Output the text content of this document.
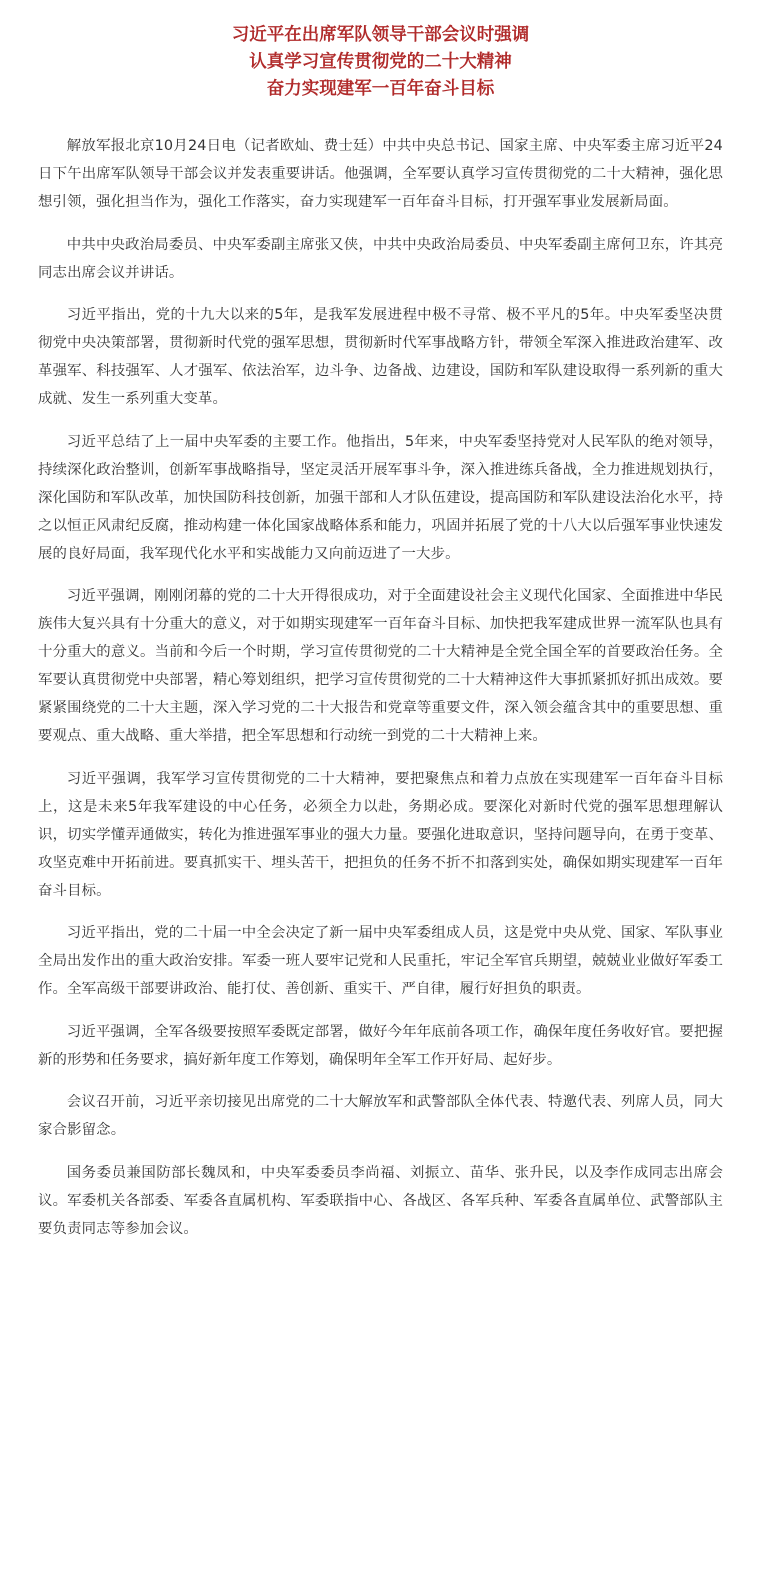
习近平在出席军队领导干部会议时强调
认真学习宣传贯彻党的二十大精神
奋力实现建军一百年奋斗目标

解放军报北京10月24日电（记者欧灿、费士廷）中共中央总书记、国家主席、中央军委主席习近平24日下午出席军队领导干部会议并发表重要讲话。他强调，全军要认真学习宣传贯彻党的二十大精神，强化思想引领，强化担当作为，强化工作落实，奋力实现建军一百年奋斗目标，打开强军事业发展新局面。

中共中央政治局委员、中央军委副主席张又侠，中共中央政治局委员、中央军委副主席何卫东，许其亮同志出席会议并讲话。

习近平指出，党的十九大以来的5年，是我军发展进程中极不寻常、极不平凡的5年。中央军委坚决贯彻党中央决策部署，贯彻新时代党的强军思想，贯彻新时代军事战略方针，带领全军深入推进政治建军、改革强军、科技强军、人才强军、依法治军，边斗争、边备战、边建设，国防和军队建设取得一系列新的重大成就、发生一系列重大变革。

习近平总结了上一届中央军委的主要工作。他指出，5年来，中央军委坚持党对人民军队的绝对领导，持续深化政治整训，创新军事战略指导，坚定灵活开展军事斗争，深入推进练兵备战，全力推进规划执行，深化国防和军队改革，加快国防科技创新，加强干部和人才队伍建设，提高国防和军队建设法治化水平，持之以恒正风肃纪反腐，推动构建一体化国家战略体系和能力，巩固并拓展了党的十八大以后强军事业快速发展的良好局面，我军现代化水平和实战能力又向前迈进了一大步。

习近平强调，刚刚闭幕的党的二十大开得很成功，对于全面建设社会主义现代化国家、全面推进中华民族伟大复兴具有十分重大的意义，对于如期实现建军一百年奋斗目标、加快把我军建成世界一流军队也具有十分重大的意义。当前和今后一个时期，学习宣传贯彻党的二十大精神是全党全国全军的首要政治任务。全军要认真贯彻党中央部署，精心筹划组织，把学习宣传贯彻党的二十大精神这件大事抓紧抓好抓出成效。要紧紧围绕党的二十大主题，深入学习党的二十大报告和党章等重要文件，深入领会蕴含其中的重要思想、重要观点、重大战略、重大举措，把全军思想和行动统一到党的二十大精神上来。

习近平强调，我军学习宣传贯彻党的二十大精神，要把聚焦点和着力点放在实现建军一百年奋斗目标上，这是未来5年我军建设的中心任务，必须全力以赴，务期必成。要深化对新时代党的强军思想理解认识，切实学懂弄通做实，转化为推进强军事业的强大力量。要强化进取意识，坚持问题导向，在勇于变革、攻坚克难中开拓前进。要真抓实干、埋头苦干，把担负的任务不折不扣落到实处，确保如期实现建军一百年奋斗目标。

习近平指出，党的二十届一中全会决定了新一届中央军委组成人员，这是党中央从党、国家、军队事业全局出发作出的重大政治安排。军委一班人要牢记党和人民重托，牢记全军官兵期望，兢兢业业做好军委工作。全军高级干部要讲政治、能打仗、善创新、重实干、严自律，履行好担负的职责。

习近平强调，全军各级要按照军委既定部署，做好今年年底前各项工作，确保年度任务收好官。要把握新的形势和任务要求，搞好新年度工作筹划，确保明年全军工作开好局、起好步。

会议召开前，习近平亲切接见出席党的二十大解放军和武警部队全体代表、特邀代表、列席人员，同大家合影留念。

国务委员兼国防部长魏凤和，中央军委委员李尚福、刘振立、苗华、张升民，以及李作成同志出席会议。军委机关各部委、军委各直属机构、军委联指中心、各战区、各军兵种、军委各直属单位、武警部队主要负责同志等参加会议。
